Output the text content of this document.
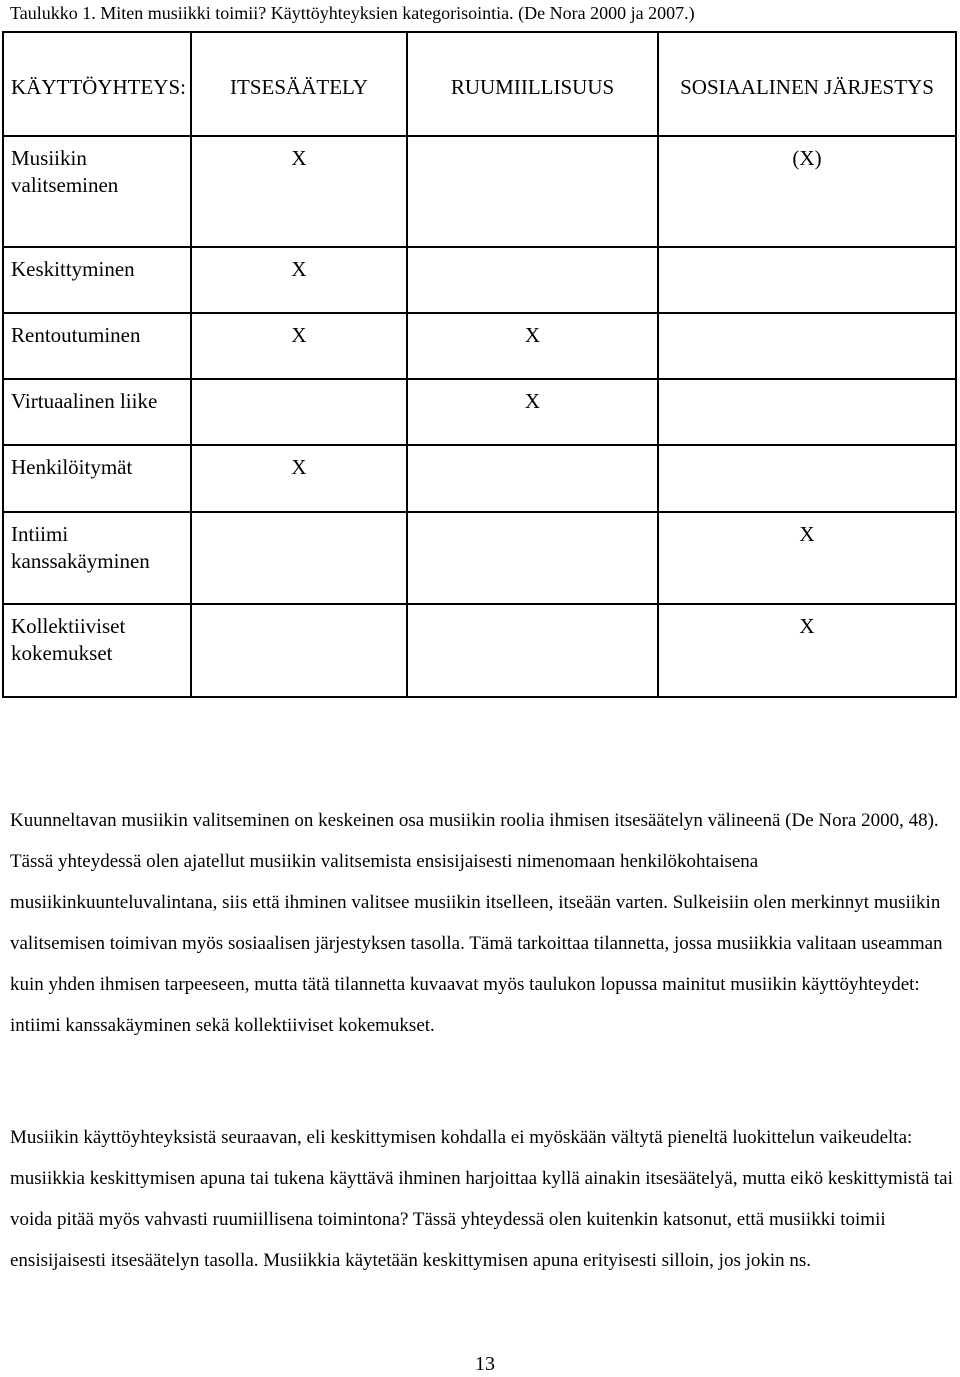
Taulukko 1. Miten musiikki toimii? Käyttöyhteyksien kategorisointia. (De Nora 2000 ja 2007.)
KÄYTTÖYHTEYS:	ITSESÄÄTELY	RUUMIILLISUUS	SOSIAALINEN JÄRJESTYS

Musiikin valitseminen	X		(X)

Keskittyminen	X		

Rentoutuminen	X	X	

Virtuaalinen liike		X	

Henkilöitymät	X		

Intiimi kanssakäyminen			X

Kollektiiviset kokemukset			X

Kuunneltavan musiikin valitseminen on keskeinen osa musiikin roolia ihmisen itsesäätelyn välineenä (De Nora 2000, 48). Tässä yhteydessä olen ajatellut musiikin valitsemista ensisijaisesti nimenomaan henkilökohtaisena musiikinkuunteluvalintana, siis että ihminen valitsee musiikin itselleen, itseään varten. Sulkeisiin olen merkinnyt musiikin valitsemisen toimivan myös sosiaalisen järjestyksen tasolla. Tämä tarkoittaa tilannetta, jossa musiikkia valitaan useamman kuin yhden ihmisen tarpeeseen, mutta tätä tilannetta kuvaavat myös taulukon lopussa mainitut musiikin käyttöyhteydet: intiimi kanssakäyminen sekä kollektiiviset kokemukset.

Musiikin käyttöyhteyksistä seuraavan, eli keskittymisen kohdalla ei myöskään vältytä pieneltä luokittelun vaikeudelta: musiikkia keskittymisen apuna tai tukena käyttävä ihminen harjoittaa kyllä ainakin itsesäätelyä, mutta eikö keskittymistä tai voida pitää myös vahvasti ruumiillisena toimintona? Tässä yhteydessä olen kuitenkin katsonut, että musiikki toimii ensisijaisesti itsesäätelyn tasolla. Musiikkia käytetään keskittymisen apuna erityisesti silloin, jos jokin ns.

13
